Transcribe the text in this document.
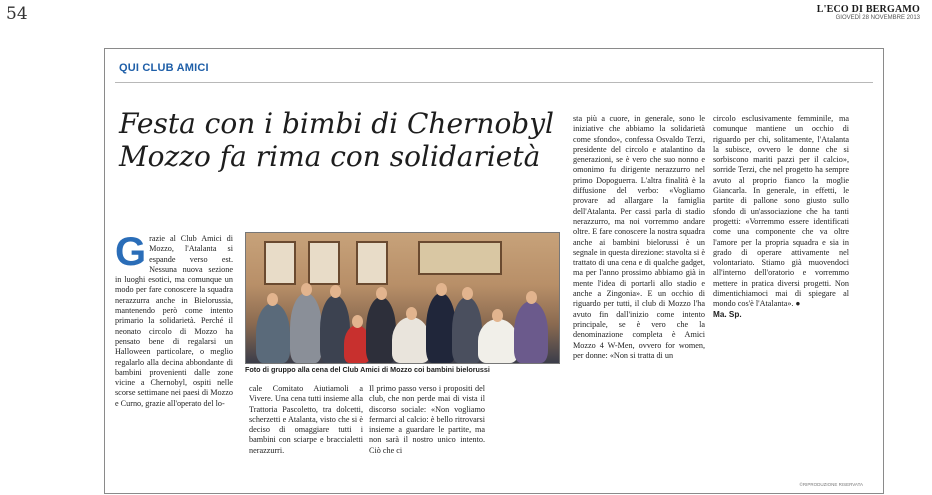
54	L'ECO DI BERGAMO
GIOVEDÌ 28 NOVEMBRE 2013
QUI CLUB AMICI
Festa con i bimbi di Chernobyl
Mozzo fa rima con solidarietà
G razie al Club Amici di Mozzo, l'Atalanta si espande verso est. Nessuna nuova sezione in luoghi esotici, ma comunque un modo per fare conoscere la squadra nerazzurra anche in Bielorussia, mantenendo però come intento primario la solidarietà. Perché il neonato circolo di Mozzo ha pensato bene di regalarsi un Halloween particolare, o meglio regalarlo alla decina abbondante di bambini provenienti dalle zone vicine a Chernobyl, ospiti nelle scorse settimane nei paesi di Mozzo e Curno, grazie all'operato del lo-
Foto di gruppo alla cena del Club Amici di Mozzo coi bambini bielorussi
cale Comitato Aiutiamoli a Vivere. Una cena tutti insieme alla Trattoria Pascoletto, tra dolcetti, scherzetti e Atalanta, visto che si è deciso di omaggiare tutti i bambini con sciarpe e braccialetti nerazzurri.
Il primo passo verso i propositi del club, che non perde mai di vista il discorso sociale: «Non vogliamo fermarci al calcio: è bello ritrovarsi insieme a guardare le partite, ma non sarà il nostro unico intento. Ciò che ci
sta più a cuore, in generale, sono le iniziative che abbiamo la solidarietà come sfondo», confessa Osvaldo Terzi, presidente del circolo e atalantino da generazioni, se è vero che suo nonno e omonimo fu dirigente nerazzurro nel primo Dopoguerra. L'altra finalità è la diffusione del verbo: «Vogliamo provare ad allargare la famiglia dell'Atalanta. Per cassi parla di stadio nerazzurro, ma noi vorremmo andare oltre. E fare conoscere la nostra squadra anche ai bambini bielorussi è un segnale in questa direzione: stavolta si è trattato di una cena e di qualche gadget, ma per l'anno prossimo abbiamo già in mente l'idea di portarli allo stadio e anche a Zingonia». E un occhio di riguardo per tutti, il club di Mozzo l'ha avuto fin dall'inizio come intento principale, se è vero che la denominazione completa è Amici Mozzo 4 W-Men, ovvero for women, per donne: «Non si tratta di un
circolo esclusivamente femminile, ma comunque mantiene un occhio di riguardo per chi, solitamente, l'Atalanta la subisce, ovvero le donne che si sorbiscono mariti pazzi per il calcio», sorride Terzi, che nel progetto ha sempre avuto al proprio fianco la moglie Giancarla. In generale, in effetti, le partite di pallone sono giusto sullo sfondo di un'associazione che ha tanti progetti: «Vorremmo essere identificati come una componente che va oltre l'amore per la propria squadra e sia in grado di operare attivamente nel volontariato. Stiamo già muovendoci all'interno dell'oratorio e vorremmo mettere in pratica diversi progetti. Non dimentichiamoci mai di spiegare al mondo cos'è l'Atalanta». ●
Ma. Sp.
©RIPRODUZIONE RISERVATA
